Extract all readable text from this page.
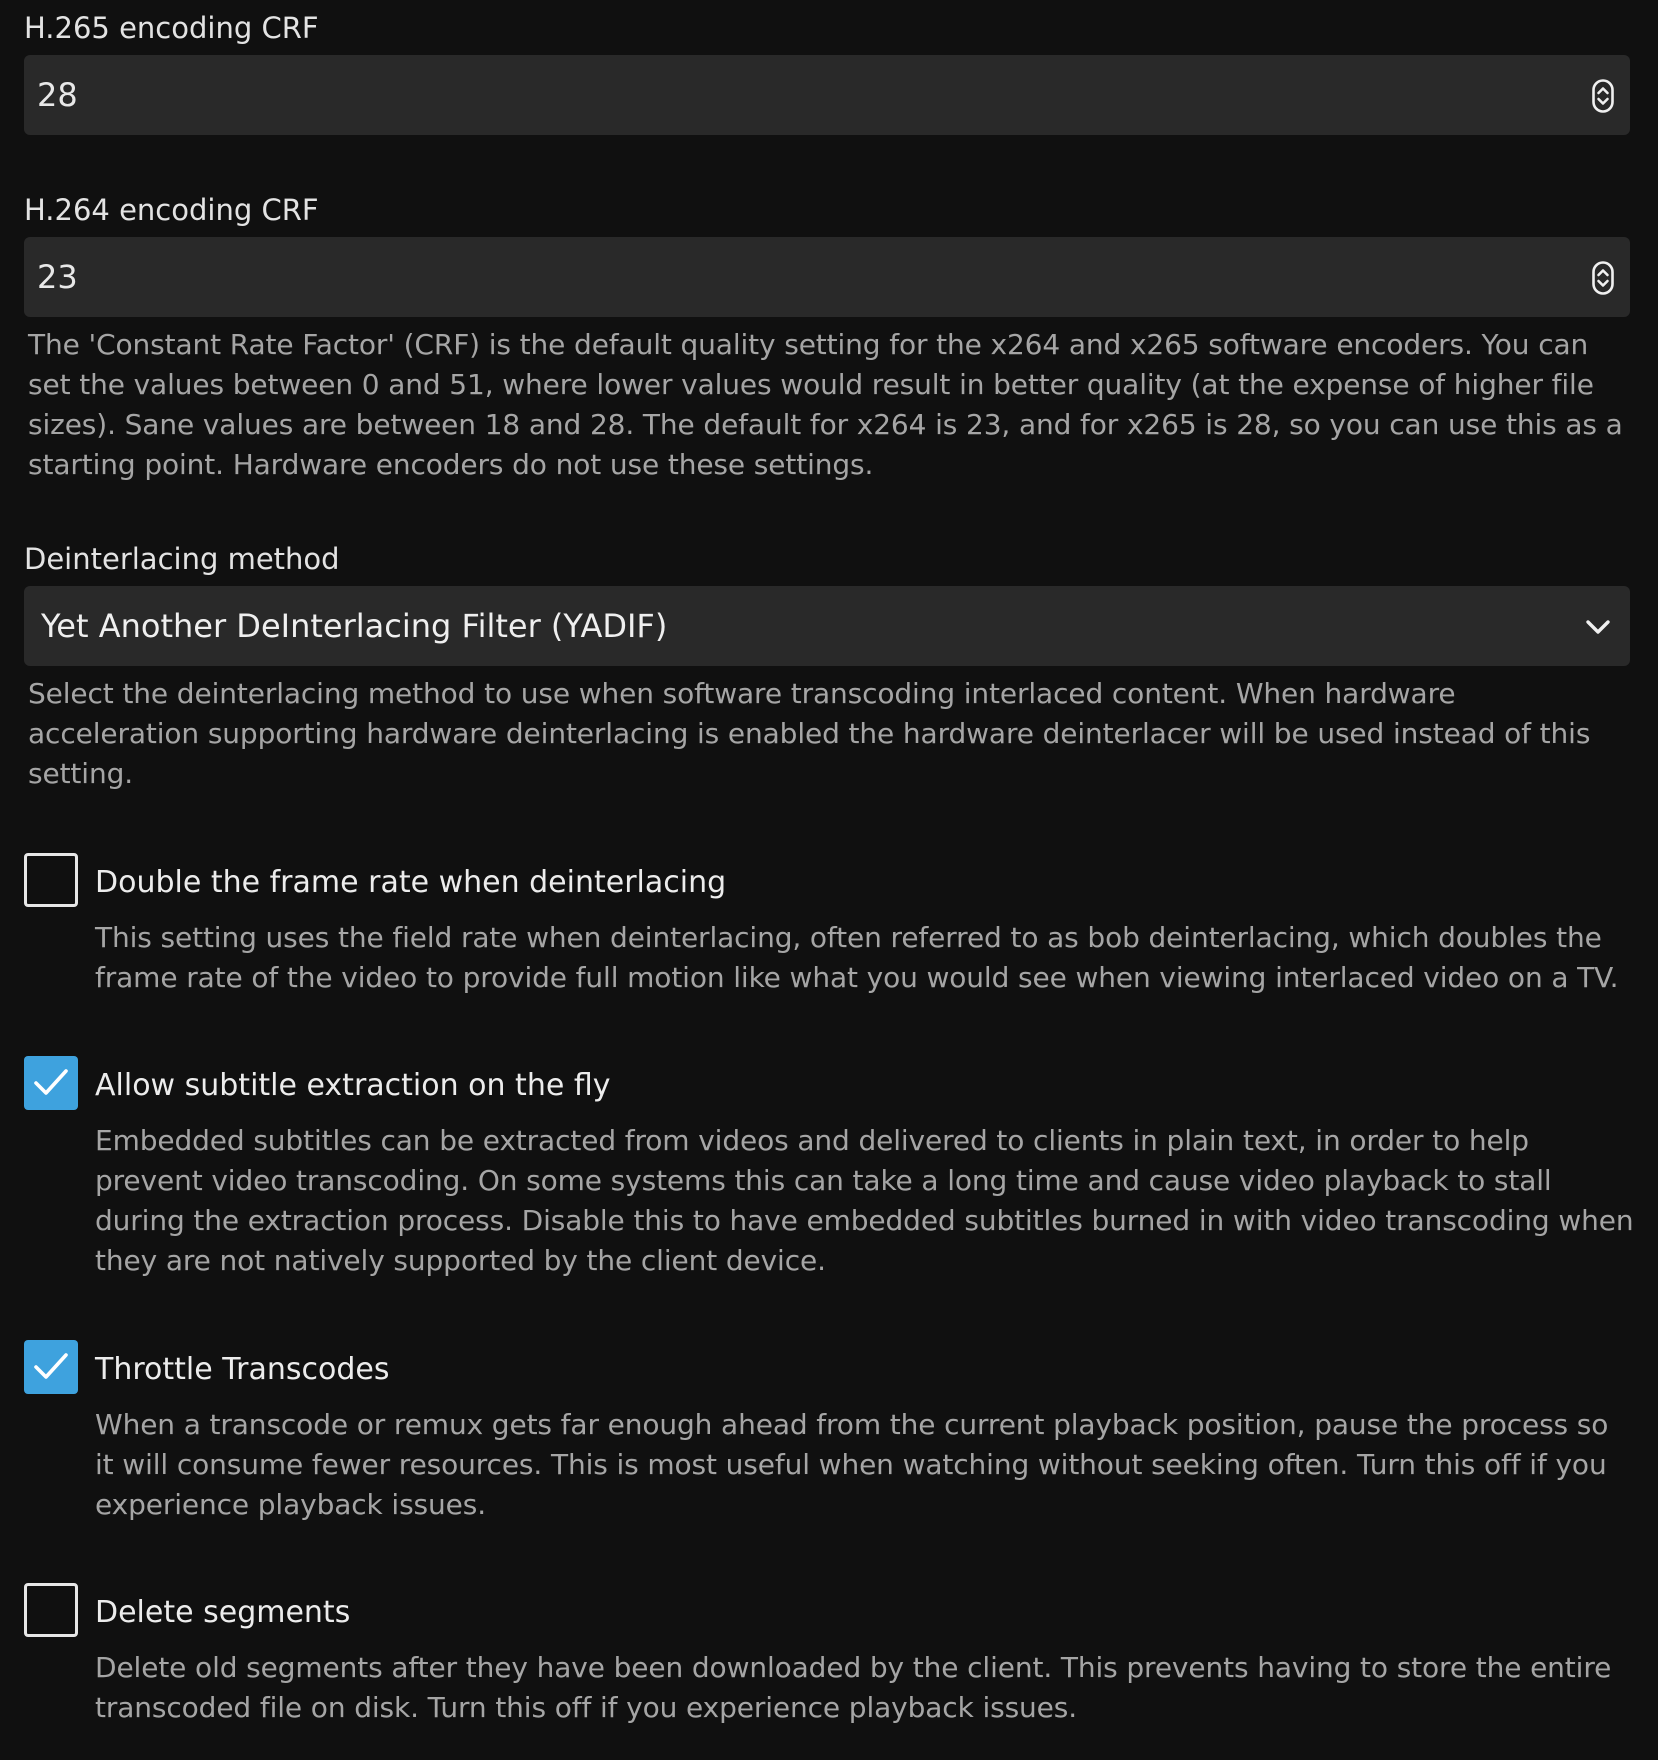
H.265 encoding CRF
28
H.264 encoding CRF
23
The 'Constant Rate Factor' (CRF) is the default quality setting for the x264 and x265 software encoders. You can set the values between 0 and 51, where lower values would result in better quality (at the expense of higher file sizes). Sane values are between 18 and 28. The default for x264 is 23, and for x265 is 28, so you can use this as a starting point. Hardware encoders do not use these settings.
Deinterlacing method
Yet Another DeInterlacing Filter (YADIF)
Select the deinterlacing method to use when software transcoding interlaced content. When hardware acceleration supporting hardware deinterlacing is enabled the hardware deinterlacer will be used instead of this setting.
Double the frame rate when deinterlacing
This setting uses the field rate when deinterlacing, often referred to as bob deinterlacing, which doubles the frame rate of the video to provide full motion like what you would see when viewing interlaced video on a TV.
Allow subtitle extraction on the fly
Embedded subtitles can be extracted from videos and delivered to clients in plain text, in order to help prevent video transcoding. On some systems this can take a long time and cause video playback to stall during the extraction process. Disable this to have embedded subtitles burned in with video transcoding when they are not natively supported by the client device.
Throttle Transcodes
When a transcode or remux gets far enough ahead from the current playback position, pause the process so it will consume fewer resources. This is most useful when watching without seeking often. Turn this off if you experience playback issues.
Delete segments
Delete old segments after they have been downloaded by the client. This prevents having to store the entire transcoded file on disk. Turn this off if you experience playback issues.
